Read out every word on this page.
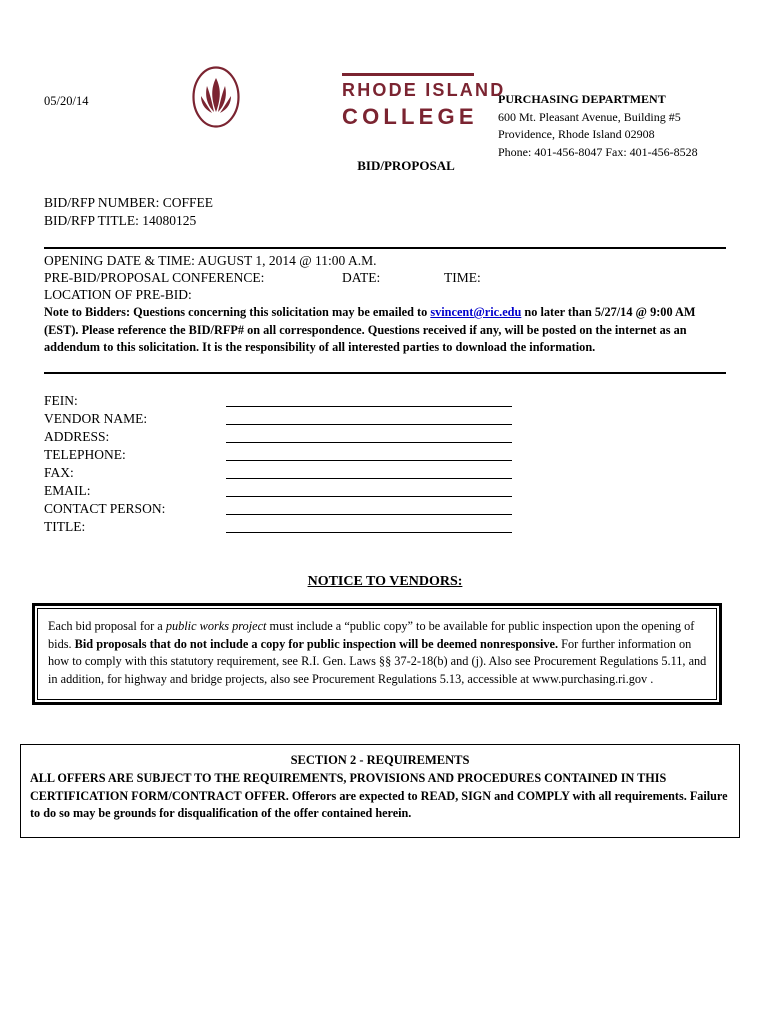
05/20/14
RHODE ISLAND
COLLEGE
PURCHASING DEPARTMENT
600 Mt. Pleasant Avenue, Building #5
Providence, Rhode Island 02908
Phone: 401-456-8047 Fax: 401-456-8528
BID/PROPOSAL
BID/RFP NUMBER: COFFEE
BID/RFP TITLE: 14080125
OPENING DATE & TIME: AUGUST 1, 2014 @ 11:00 A.M.
PRE-BID/PROPOSAL CONFERENCE:	DATE:	TIME:
LOCATION OF PRE-BID:
Note to Bidders: Questions concerning this solicitation may be emailed to svincent@ric.edu no later than 5/27/14 @ 9:00 AM (EST). Please reference the BID/RFP# on all correspondence. Questions received if any, will be posted on the internet as an addendum to this solicitation. It is the responsibility of all interested parties to download the information.
FEIN:
VENDOR NAME:
ADDRESS:
TELEPHONE:
FAX:
EMAIL:
CONTACT PERSON:
TITLE:
NOTICE TO VENDORS:
Each bid proposal for a public works project must include a “public copy” to be available for public inspection upon the opening of bids. Bid proposals that do not include a copy for public inspection will be deemed nonresponsive. For further information on how to comply with this statutory requirement, see R.I. Gen. Laws §§ 37-2-18(b) and (j). Also see Procurement Regulations 5.11, and in addition, for highway and bridge projects, also see Procurement Regulations 5.13, accessible at www.purchasing.ri.gov .
SECTION 2 - REQUIREMENTS
ALL OFFERS ARE SUBJECT TO THE REQUIREMENTS, PROVISIONS AND PROCEDURES CONTAINED IN THIS CERTIFICATION FORM/CONTRACT OFFER. Offerors are expected to READ, SIGN and COMPLY with all requirements. Failure to do so may be grounds for disqualification of the offer contained herein.
